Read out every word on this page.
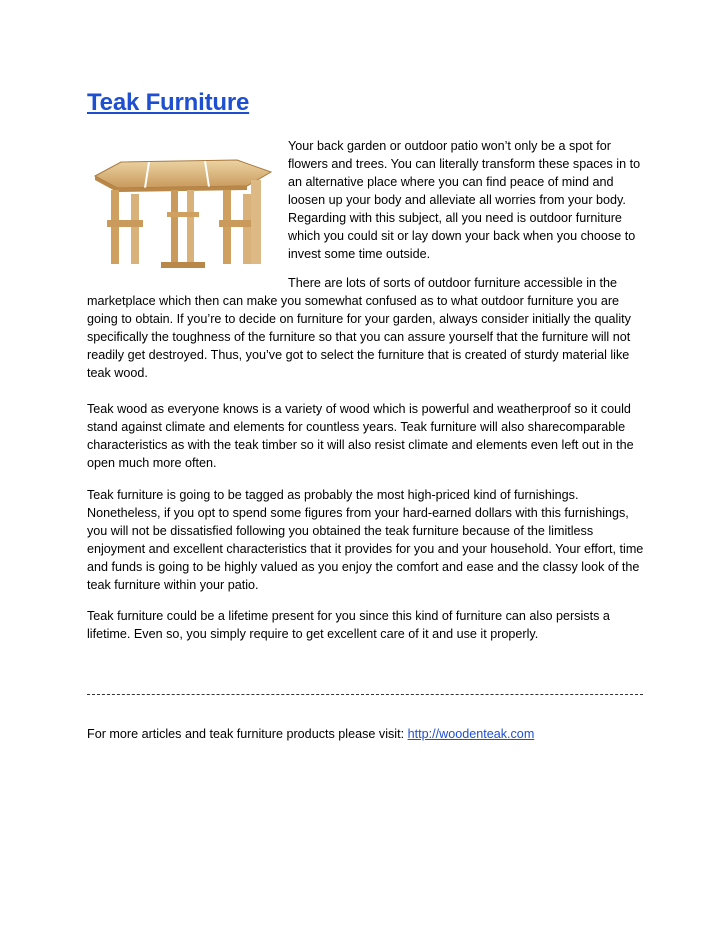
Teak Furniture

Your back garden or outdoor patio won’t only be a spot for flowers and trees. You can literally transform these spaces in to an alternative place where you can find peace of mind and loosen up your body and alleviate all worries from your body. Regarding with this subject, all you need is outdoor furniture which you could sit or lay down your back when you choose to invest some time outside.

There are lots of sorts of outdoor furniture accessible in the marketplace which then can make you somewhat confused as to what outdoor furniture you are going to obtain. If you’re to decide on furniture for your garden, always consider initially the quality specifically the toughness of the furniture so that you can assure yourself that the furniture will not readily get destroyed. Thus, you’ve got to select the furniture that is created of sturdy material like teak wood.

Teak wood as everyone knows is a variety of wood which is powerful and weatherproof so it could stand against climate and elements for countless years. Teak furniture will also sharecomparable characteristics as with the teak timber so it will also resist climate and elements even left out in the open much more often.

Teak furniture is going to be tagged as probably the most high-priced kind of furnishings. Nonetheless, if you opt to spend some figures from your hard-earned dollars with this furnishings, you will not be dissatisfied following you obtained the teak furniture because of the limitless enjoyment and excellent characteristics that it provides for you and your household. Your effort, time and funds is going to be highly valued as you enjoy the comfort and ease and the classy look of the teak furniture within your patio.

Teak furniture could be a lifetime present for you since this kind of furniture can also persists a lifetime. Even so, you simply require to get excellent care of it and use it properly.

For more articles and teak furniture products please visit: http://woodenteak.com
